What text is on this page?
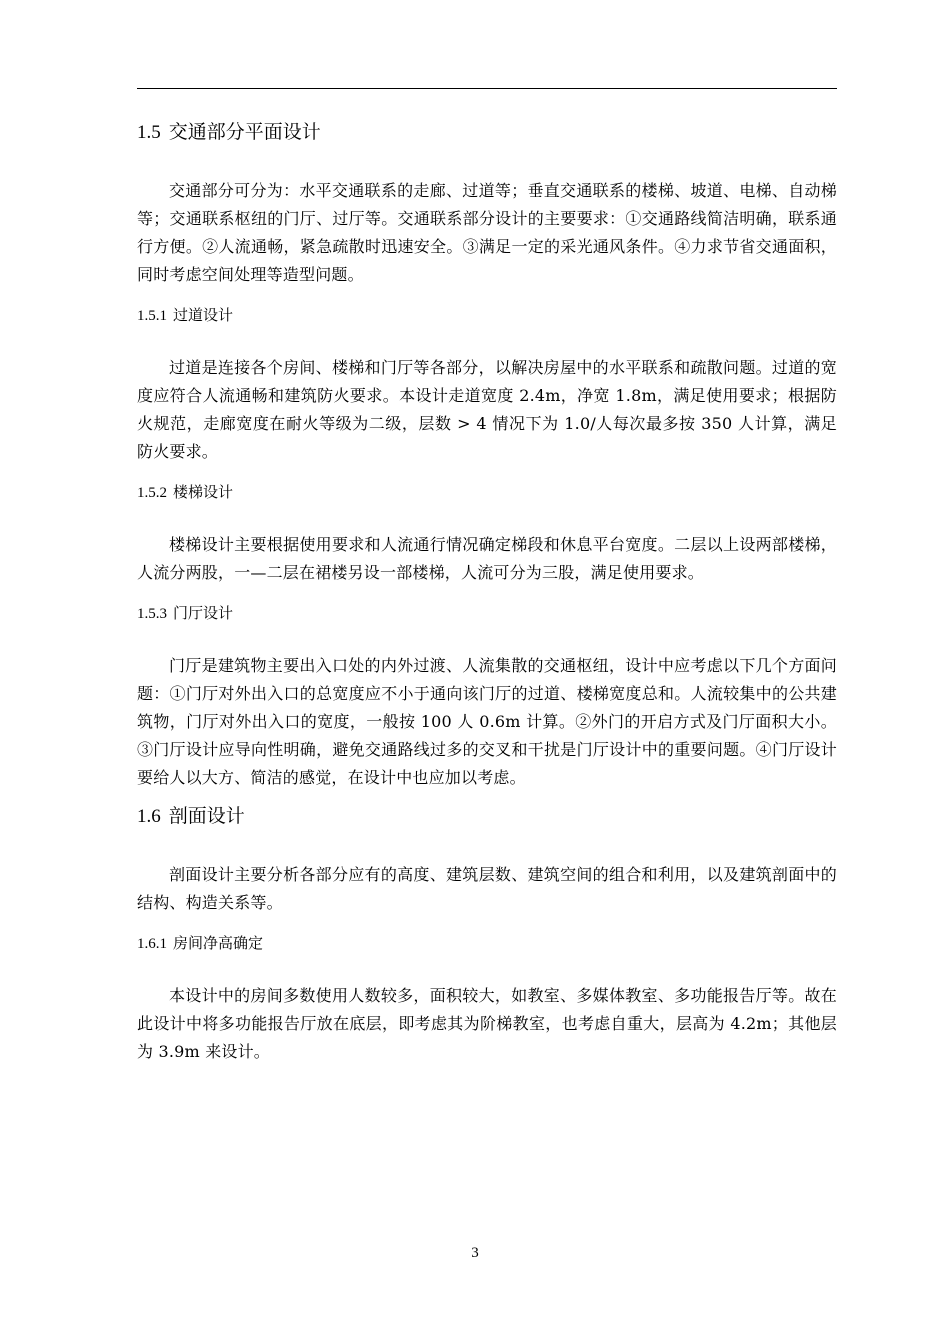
1.5 交通部分平面设计

交通部分可分为：水平交通联系的走廊、过道等；垂直交通联系的楼梯、坡道、电梯、自动梯等；交通联系枢纽的门厅、过厅等。交通联系部分设计的主要要求：①交通路线简洁明确，联系通行方便。②人流通畅，紧急疏散时迅速安全。③满足一定的采光通风条件。④力求节省交通面积，同时考虑空间处理等造型问题。

1.5.1 过道设计

过道是连接各个房间、楼梯和门厅等各部分，以解决房屋中的水平联系和疏散问题。过道的宽度应符合人流通畅和建筑防火要求。本设计走道宽度 2.4m，净宽 1.8m，满足使用要求；根据防火规范，走廊宽度在耐火等级为二级，层数 > 4 情况下为 1.0/人每次最多按 350 人计算，满足防火要求。

1.5.2 楼梯设计

楼梯设计主要根据使用要求和人流通行情况确定梯段和休息平台宽度。二层以上设两部楼梯，人流分两股，一—二层在裙楼另设一部楼梯，人流可分为三股，满足使用要求。

1.5.3 门厅设计

门厅是建筑物主要出入口处的内外过渡、人流集散的交通枢纽，设计中应考虑以下几个方面问题：①门厅对外出入口的总宽度应不小于通向该门厅的过道、楼梯宽度总和。人流较集中的公共建筑物，门厅对外出入口的宽度，一般按 100 人 0.6m 计算。②外门的开启方式及门厅面积大小。③门厅设计应导向性明确，避免交通路线过多的交叉和干扰是门厅设计中的重要问题。④门厅设计要给人以大方、简洁的感觉，在设计中也应加以考虑。

1.6 剖面设计

剖面设计主要分析各部分应有的高度、建筑层数、建筑空间的组合和利用，以及建筑剖面中的结构、构造关系等。

1.6.1 房间净高确定

本设计中的房间多数使用人数较多，面积较大，如教室、多媒体教室、多功能报告厅等。故在此设计中将多功能报告厅放在底层，即考虑其为阶梯教室，也考虑自重大，层高为 4.2m；其他层为 3.9m 来设计。

3
